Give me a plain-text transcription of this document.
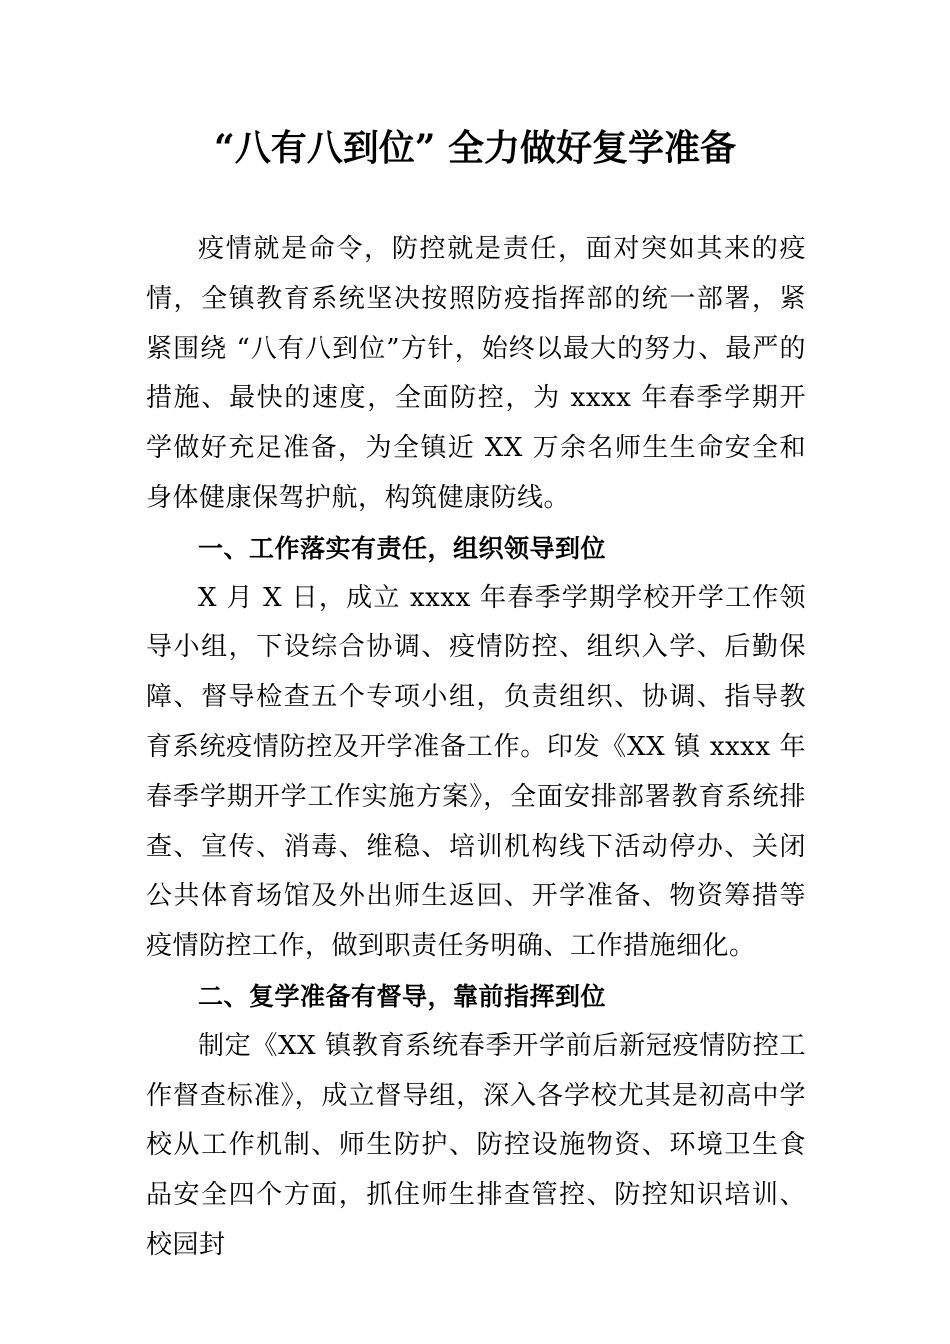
“八有八到位” 全力做好复学准备

疫情就是命令，防控就是责任，面对突如其来的疫情，全镇教育系统坚决按照防疫指挥部的统一部署，紧紧围绕 “八有八到位”方针，始终以最大的努力、最严的措施、最快的速度，全面防控，为 xxxx 年春季学期开学做好充足准备，为全镇近 XX 万余名师生生命安全和身体健康保驾护航，构筑健康防线。

一、工作落实有责任，组织领导到位

X 月 X 日，成立 xxxx 年春季学期学校开学工作领导小组，下设综合协调、疫情防控、组织入学、后勤保障、督导检查五个专项小组，负责组织、协调、指导教育系统疫情防控及开学准备工作。印发《XX 镇 xxxx 年春季学期开学工作实施方案》，全面安排部署教育系统排查、宣传、消毒、维稳、培训机构线下活动停办、关闭公共体育场馆及外出师生返回、开学准备、物资筹措等疫情防控工作，做到职责任务明确、工作措施细化。

二、复学准备有督导，靠前指挥到位

制定《XX 镇教育系统春季开学前后新冠疫情防控工作督查标准》，成立督导组，深入各学校尤其是初高中学校从工作机制、师生防护、防控设施物资、环境卫生食品安全四个方面，抓住师生排查管控、防控知识培训、校园封
